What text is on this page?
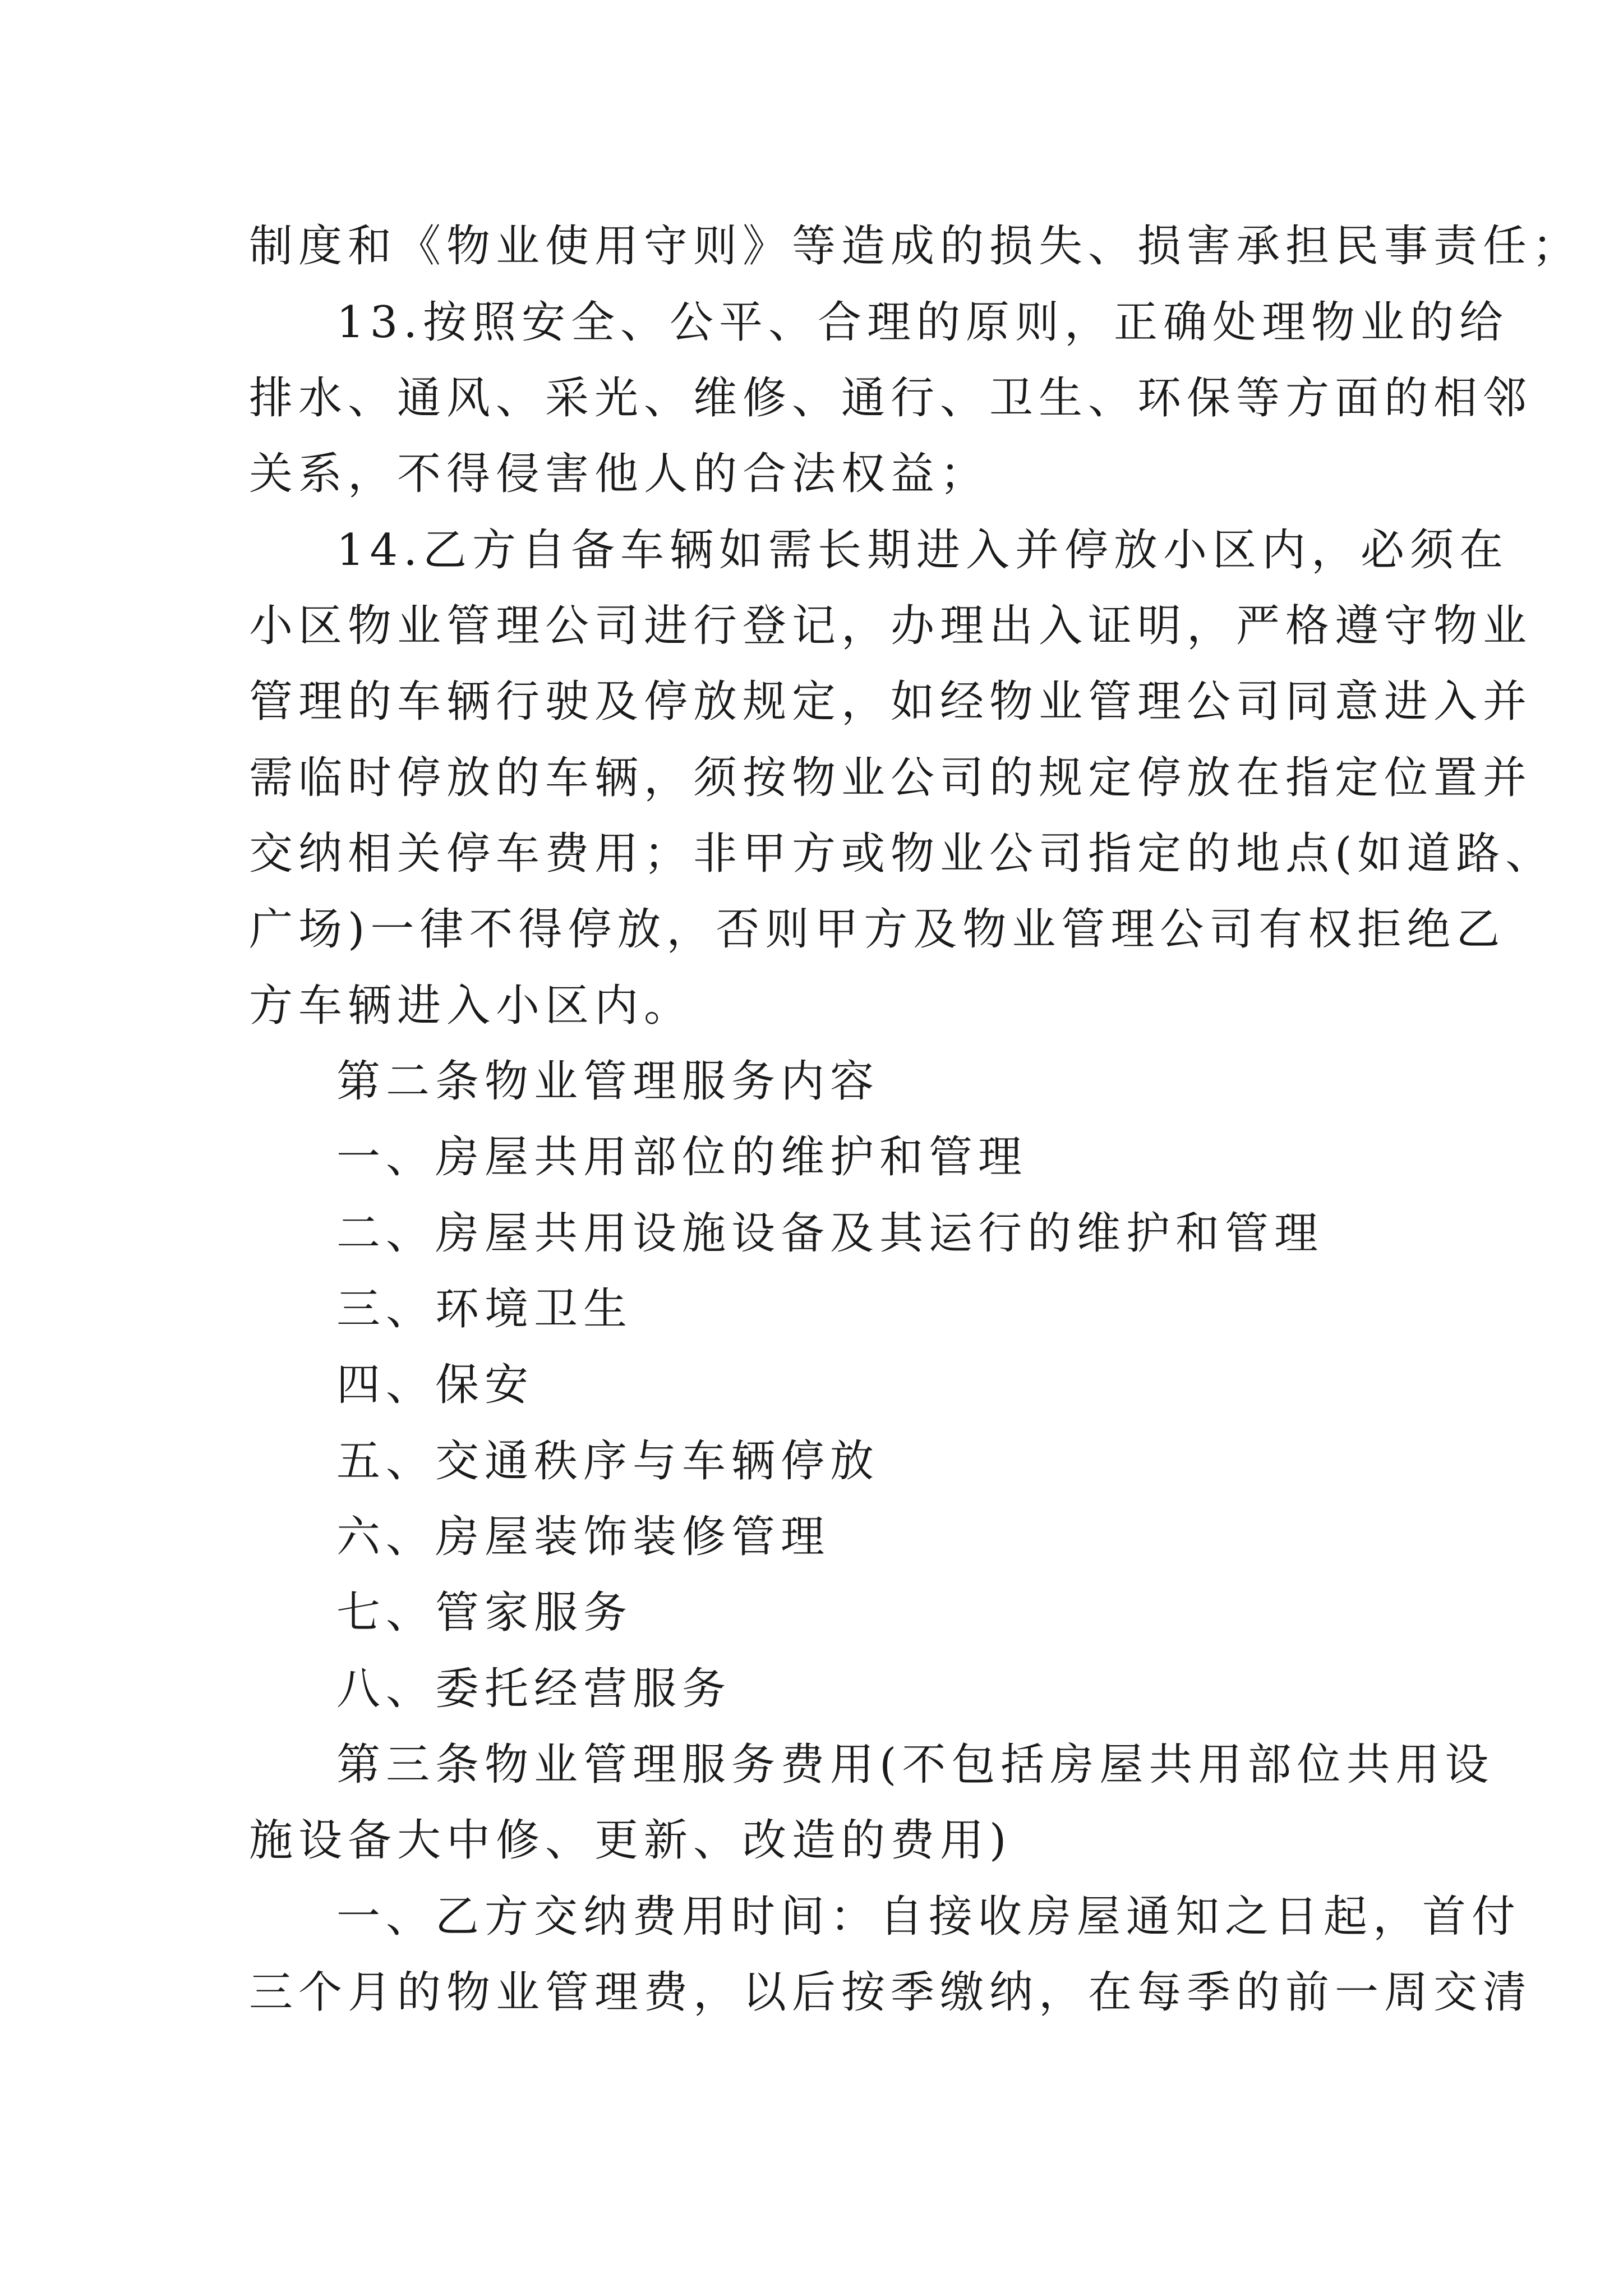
制度和《物业使用守则》等造成的损失、损害承担民事责任；
13.按照安全、公平、合理的原则，正确处理物业的给
排水、通风、采光、维修、通行、卫生、环保等方面的相邻
关系，不得侵害他人的合法权益；
14.乙方自备车辆如需长期进入并停放小区内，必须在
小区物业管理公司进行登记，办理出入证明，严格遵守物业
管理的车辆行驶及停放规定，如经物业管理公司同意进入并
需临时停放的车辆，须按物业公司的规定停放在指定位置并
交纳相关停车费用；非甲方或物业公司指定的地点(如道路、
广场)一律不得停放，否则甲方及物业管理公司有权拒绝乙
方车辆进入小区内。
第二条物业管理服务内容
一、房屋共用部位的维护和管理
二、房屋共用设施设备及其运行的维护和管理
三、环境卫生
四、保安
五、交通秩序与车辆停放
六、房屋装饰装修管理
七、管家服务
八、委托经营服务
第三条物业管理服务费用(不包括房屋共用部位共用设
施设备大中修、更新、改造的费用)
一、乙方交纳费用时间：自接收房屋通知之日起，首付
三个月的物业管理费，以后按季缴纳，在每季的前一周交清
